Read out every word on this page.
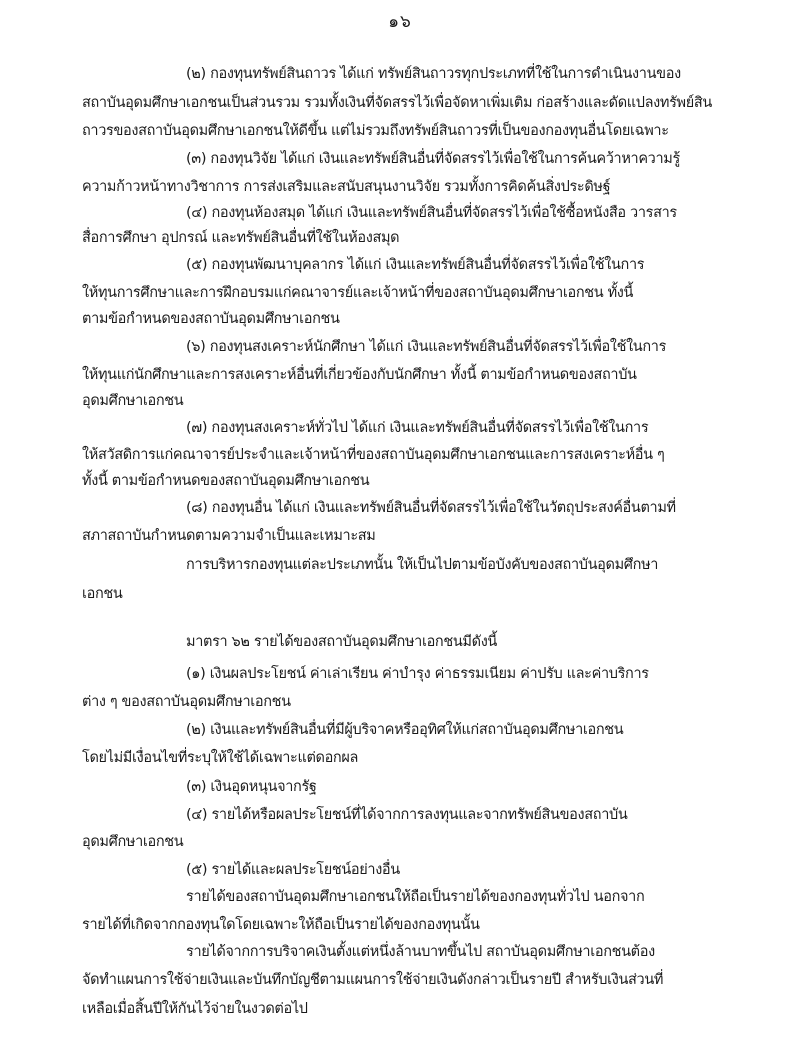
๑๖
(๒) กองทุนทรัพย์สินถาวร ได้แก่ ทรัพย์สินถาวรทุกประเภทที่ใช้ในการดำเนินงานของ
สถาบันอุดมศึกษาเอกชนเป็นส่วนรวม รวมทั้งเงินที่จัดสรรไว้เพื่อจัดหาเพิ่มเติม ก่อสร้างและดัดแปลงทรัพย์สิน
ถาวรของสถาบันอุดมศึกษาเอกชนให้ดีขึ้น แต่ไม่รวมถึงทรัพย์สินถาวรที่เป็นของกองทุนอื่นโดยเฉพาะ
(๓) กองทุนวิจัย ได้แก่ เงินและทรัพย์สินอื่นที่จัดสรรไว้เพื่อใช้ในการค้นคว้าหาความรู้
ความก้าวหน้าทางวิชาการ การส่งเสริมและสนับสนุนงานวิจัย รวมทั้งการคิดค้นสิ่งประดิษฐ์
(๔) กองทุนห้องสมุด ได้แก่ เงินและทรัพย์สินอื่นที่จัดสรรไว้เพื่อใช้ซื้อหนังสือ วารสาร
สื่อการศึกษา อุปกรณ์ และทรัพย์สินอื่นที่ใช้ในห้องสมุด
(๕) กองทุนพัฒนาบุคลากร ได้แก่ เงินและทรัพย์สินอื่นที่จัดสรรไว้เพื่อใช้ในการ
ให้ทุนการศึกษาและการฝึกอบรมแก่คณาจารย์และเจ้าหน้าที่ของสถาบันอุดมศึกษาเอกชน ทั้งนี้
ตามข้อกำหนดของสถาบันอุดมศึกษาเอกชน
(๖) กองทุนสงเคราะห์นักศึกษา ได้แก่ เงินและทรัพย์สินอื่นที่จัดสรรไว้เพื่อใช้ในการ
ให้ทุนแก่นักศึกษาและการสงเคราะห์อื่นที่เกี่ยวข้องกับนักศึกษา ทั้งนี้ ตามข้อกำหนดของสถาบัน
อุดมศึกษาเอกชน
(๗) กองทุนสงเคราะห์ทั่วไป ได้แก่ เงินและทรัพย์สินอื่นที่จัดสรรไว้เพื่อใช้ในการ
ให้สวัสดิการแก่คณาจารย์ประจำและเจ้าหน้าที่ของสถาบันอุดมศึกษาเอกชนและการสงเคราะห์อื่น ๆ
ทั้งนี้ ตามข้อกำหนดของสถาบันอุดมศึกษาเอกชน
(๘) กองทุนอื่น ได้แก่ เงินและทรัพย์สินอื่นที่จัดสรรไว้เพื่อใช้ในวัตถุประสงค์อื่นตามที่
สภาสถาบันกำหนดตามความจำเป็นและเหมาะสม
การบริหารกองทุนแต่ละประเภทนั้น ให้เป็นไปตามข้อบังคับของสถาบันอุดมศึกษา
เอกชน
มาตรา ๖๒ รายได้ของสถาบันอุดมศึกษาเอกชนมีดังนี้
(๑) เงินผลประโยชน์ ค่าเล่าเรียน ค่าบำรุง ค่าธรรมเนียม ค่าปรับ และค่าบริการ
ต่าง ๆ ของสถาบันอุดมศึกษาเอกชน
(๒) เงินและทรัพย์สินอื่นที่มีผู้บริจาคหรืออุทิศให้แก่สถาบันอุดมศึกษาเอกชน
โดยไม่มีเงื่อนไขที่ระบุให้ใช้ได้เฉพาะแต่ดอกผล
(๓) เงินอุดหนุนจากรัฐ
(๔) รายได้หรือผลประโยชน์ที่ได้จากการลงทุนและจากทรัพย์สินของสถาบัน
อุดมศึกษาเอกชน
(๕) รายได้และผลประโยชน์อย่างอื่น
รายได้ของสถาบันอุดมศึกษาเอกชนให้ถือเป็นรายได้ของกองทุนทั่วไป นอกจาก
รายได้ที่เกิดจากกองทุนใดโดยเฉพาะให้ถือเป็นรายได้ของกองทุนนั้น
รายได้จากการบริจาคเงินตั้งแต่หนึ่งล้านบาทขึ้นไป สถาบันอุดมศึกษาเอกชนต้อง
จัดทำแผนการใช้จ่ายเงินและบันทึกบัญชีตามแผนการใช้จ่ายเงินดังกล่าวเป็นรายปี สำหรับเงินส่วนที่
เหลือเมื่อสิ้นปีให้กันไว้จ่ายในงวดต่อไป
